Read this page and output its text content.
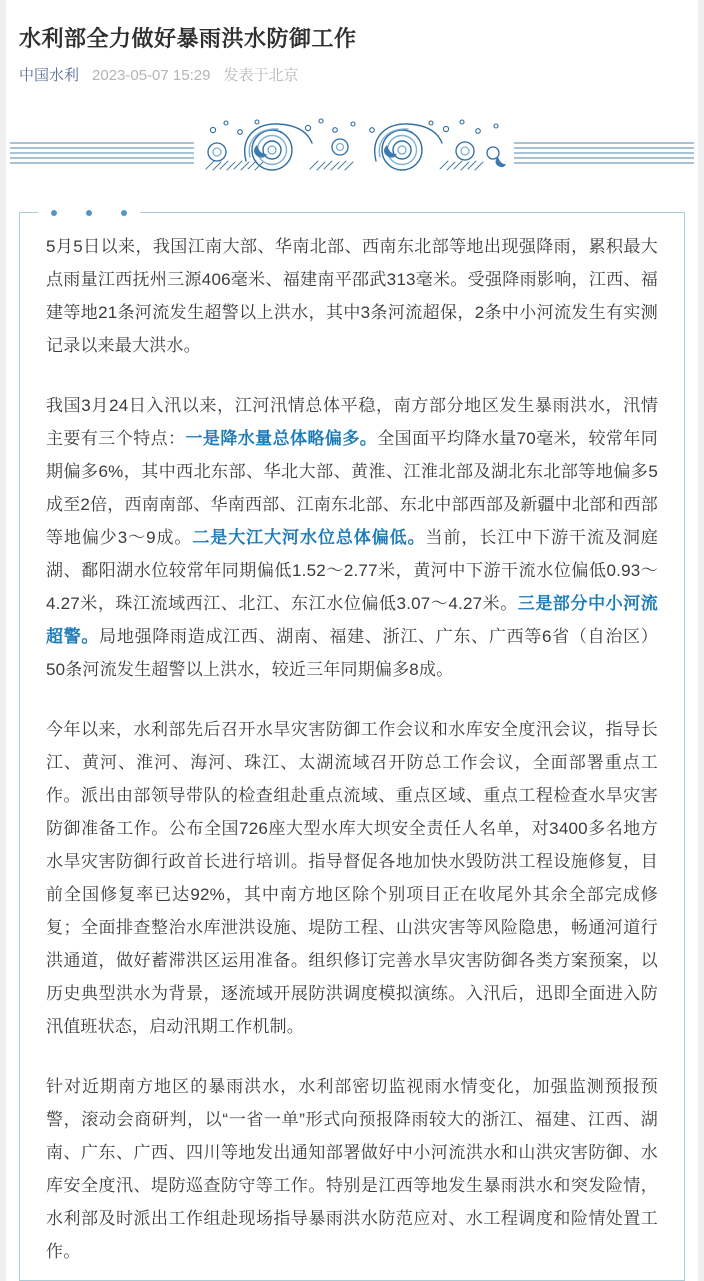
水利部全力做好暴雨洪水防御工作
中国水利 2023-05-07 15:29 发表于北京

5月5日以来，我国江南大部、华南北部、西南东北部等地出现强降雨，累积最大点雨量江西抚州三源406毫米、福建南平邵武313毫米。受强降雨影响，江西、福建等地21条河流发生超警以上洪水，其中3条河流超保，2条中小河流发生有实测记录以来最大洪水。

我国3月24日入汛以来，江河汛情总体平稳，南方部分地区发生暴雨洪水，汛情主要有三个特点：一是降水量总体略偏多。全国面平均降水量70毫米，较常年同期偏多6%，其中西北东部、华北大部、黄淮、江淮北部及湖北东北部等地偏多5成至2倍，西南南部、华南西部、江南东北部、东北中部西部及新疆中北部和西部等地偏少3～9成。二是大江大河水位总体偏低。当前，长江中下游干流及洞庭湖、鄱阳湖水位较常年同期偏低1.52～2.77米，黄河中下游干流水位偏低0.93～4.27米，珠江流域西江、北江、东江水位偏低3.07～4.27米。三是部分中小河流超警。局地强降雨造成江西、湖南、福建、浙江、广东、广西等6省（自治区）50条河流发生超警以上洪水，较近三年同期偏多8成。

今年以来，水利部先后召开水旱灾害防御工作会议和水库安全度汛会议，指导长江、黄河、淮河、海河、珠江、太湖流域召开防总工作会议，全面部署重点工作。派出由部领导带队的检查组赴重点流域、重点区域、重点工程检查水旱灾害防御准备工作。公布全国726座大型水库大坝安全责任人名单，对3400多名地方水旱灾害防御行政首长进行培训。指导督促各地加快水毁防洪工程设施修复，目前全国修复率已达92%，其中南方地区除个别项目正在收尾外其余全部完成修复；全面排查整治水库泄洪设施、堤防工程、山洪灾害等风险隐患，畅通河道行洪通道，做好蓄滞洪区运用准备。组织修订完善水旱灾害防御各类方案预案，以历史典型洪水为背景，逐流域开展防洪调度模拟演练。入汛后，迅即全面进入防汛值班状态，启动汛期工作机制。

针对近期南方地区的暴雨洪水，水利部密切监视雨水情变化，加强监测预报预警，滚动会商研判，以“一省一单”形式向预报降雨较大的浙江、福建、江西、湖南、广东、广西、四川等地发出通知部署做好中小河流洪水和山洪灾害防御、水库安全度汛、堤防巡查防守等工作。特别是江西等地发生暴雨洪水和突发险情，水利部及时派出工作组赴现场指导暴雨洪水防范应对、水工程调度和险情处置工作。
